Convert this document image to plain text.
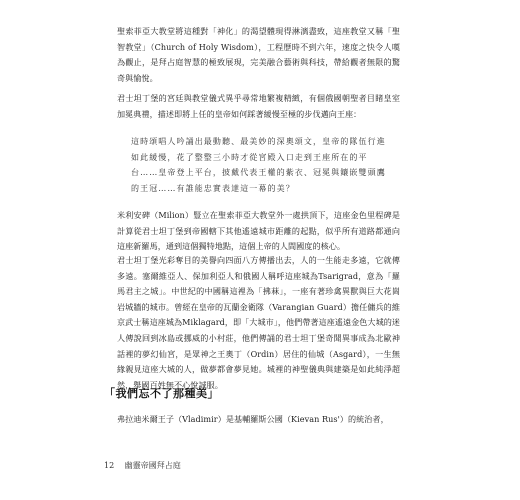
聖索菲亞大教堂將這種對「神化」的渴望體現得淋漓盡致，這座教堂又稱「聖智教堂」（Church of Holy Wisdom），工程歷時不到六年，速度之快令人嘆為觀止，是拜占庭智慧的極致展現，完美融合藝術與科技，帶給觀者無限的驚奇與愉悅。

君士坦丁堡的宮廷與教堂儀式異乎尋常地繁複精緻，有個俄國朝聖者目睹皇室加冕典禮，描述即將上任的皇帝如何踩著緩慢至極的步伐邁向王座：

這時頌唱人吟誦出最動聽、最美妙的深奧頌文，皇帝的隊伍行進如此緩慢，花了整整三小時才從宮殿入口走到王座所在的平台……皇帝登上平台，披戴代表王權的紫衣、冠冕與鑲嵌雙頭鷹的王冠……有誰能忠實表達這一幕的美？

米利安碑（Milion）豎立在聖索菲亞大教堂外一處拱頂下，這座金色里程碑是計算從君士坦丁堡到帝國轄下其他遙遠城市距離的起點，似乎所有道路都通向這座新羅馬，通到這個獨特地點，這個上帝的人間國度的核心。

君士坦丁堡光彩奪目的美譽向四面八方傳播出去，人的一生能走多遠，它就傳多遠。塞爾維亞人、保加利亞人和俄國人稱呼這座城為Tsarigrad，意為「羅馬君主之城」。中世紀的中國稱這裡為「拂菻」，一座有著珍禽異獸與巨大花崗岩城牆的城市。曾經在皇帝的瓦蘭金衛隊（Varangian Guard）擔任傭兵的維京武士稱這座城為Miklagard，即「大城市」，他們帶著這座遙遠金色大城的迷人傳說回到冰島或挪威的小村莊，他們傳誦的君士坦丁堡奇聞異事成為北歐神話裡的夢幻仙宮，是眾神之王奧丁（Ordin）居住的仙城（Asgard），一生無緣親見這座大城的人，做夢都會夢見她。城裡的神聖儀典與建築是如此純淨超然，舉國百姓無不心悅誠服。

「我們忘不了那種美」

弗拉迪米爾王子（Vladimir）是基輔羅斯公國（Kievan Rus'）的統治者，

12 幽靈帝國拜占庭
